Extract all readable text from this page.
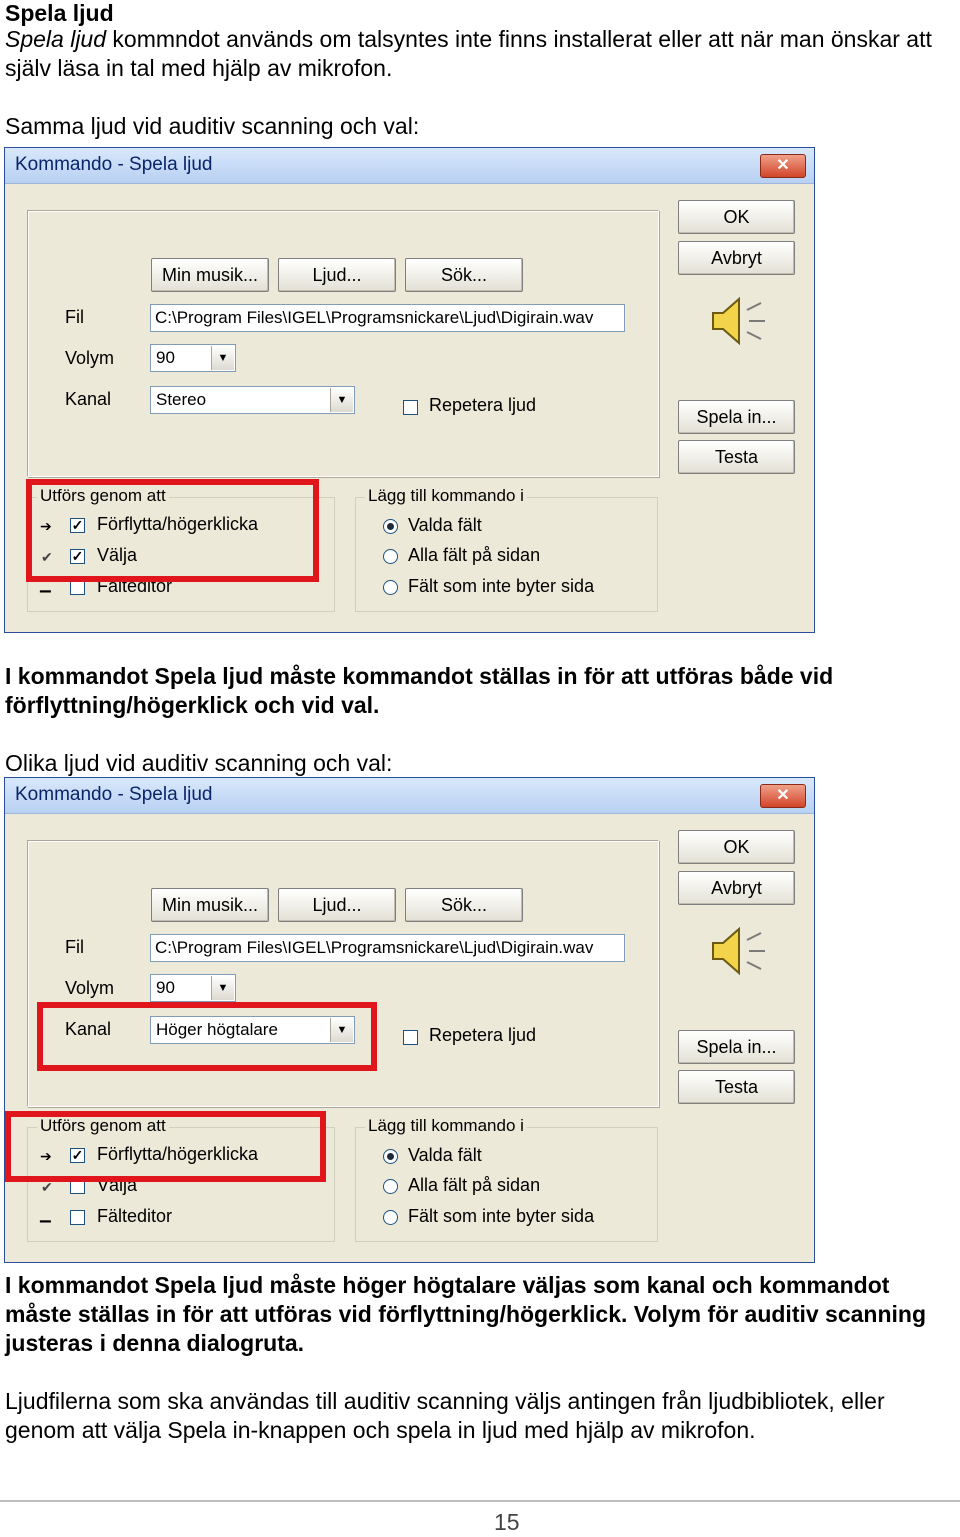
Spela ljud
Spela ljud kommndot används om talsyntes inte finns installerat eller att när man önskar att själv läsa in tal med hjälp av mikrofon.
Samma ljud vid auditiv scanning och val:
Kommando - Spela ljud	✕
Min musik...	Ljud...	Sök...
Fil	C:\Program Files\IGEL\Programsnickare\Ljud\Digirain.wav
Volym	90	▼
Kanal	Stereo	▼	Repetera ljud
OK
Avbryt
Spela in...
Testa
Utförs genom att
➔ ✓ Förflytta/högerklicka
✔ ✓ Välja
▁	Fälteditor
Lägg till kommando i
Valda fält
Alla fält på sidan
Fält som inte byter sida
I kommandot Spela ljud måste kommandot ställas in för att utföras både vid förflyttning/högerklick och vid val.
Olika ljud vid auditiv scanning och val:
Kommando - Spela ljud	✕
Min musik...	Ljud...	Sök...
Fil	C:\Program Files\IGEL\Programsnickare\Ljud\Digirain.wav
Volym	90	▼
Kanal	Höger högtalare	▼	Repetera ljud
OK
Avbryt
Spela in...
Testa
Utförs genom att
➔ ✓ Förflytta/högerklicka
✔ Välja
▁	Fälteditor
Lägg till kommando i
Valda fält
Alla fält på sidan
Fält som inte byter sida
I kommandot Spela ljud måste höger högtalare väljas som kanal och kommandot måste ställas in för att utföras vid förflyttning/högerklick. Volym för auditiv scanning justeras i denna dialogruta.
Ljudfilerna som ska användas till auditiv scanning väljs antingen från ljudbibliotek, eller genom att välja Spela in-knappen och spela in ljud med hjälp av mikrofon.
15
